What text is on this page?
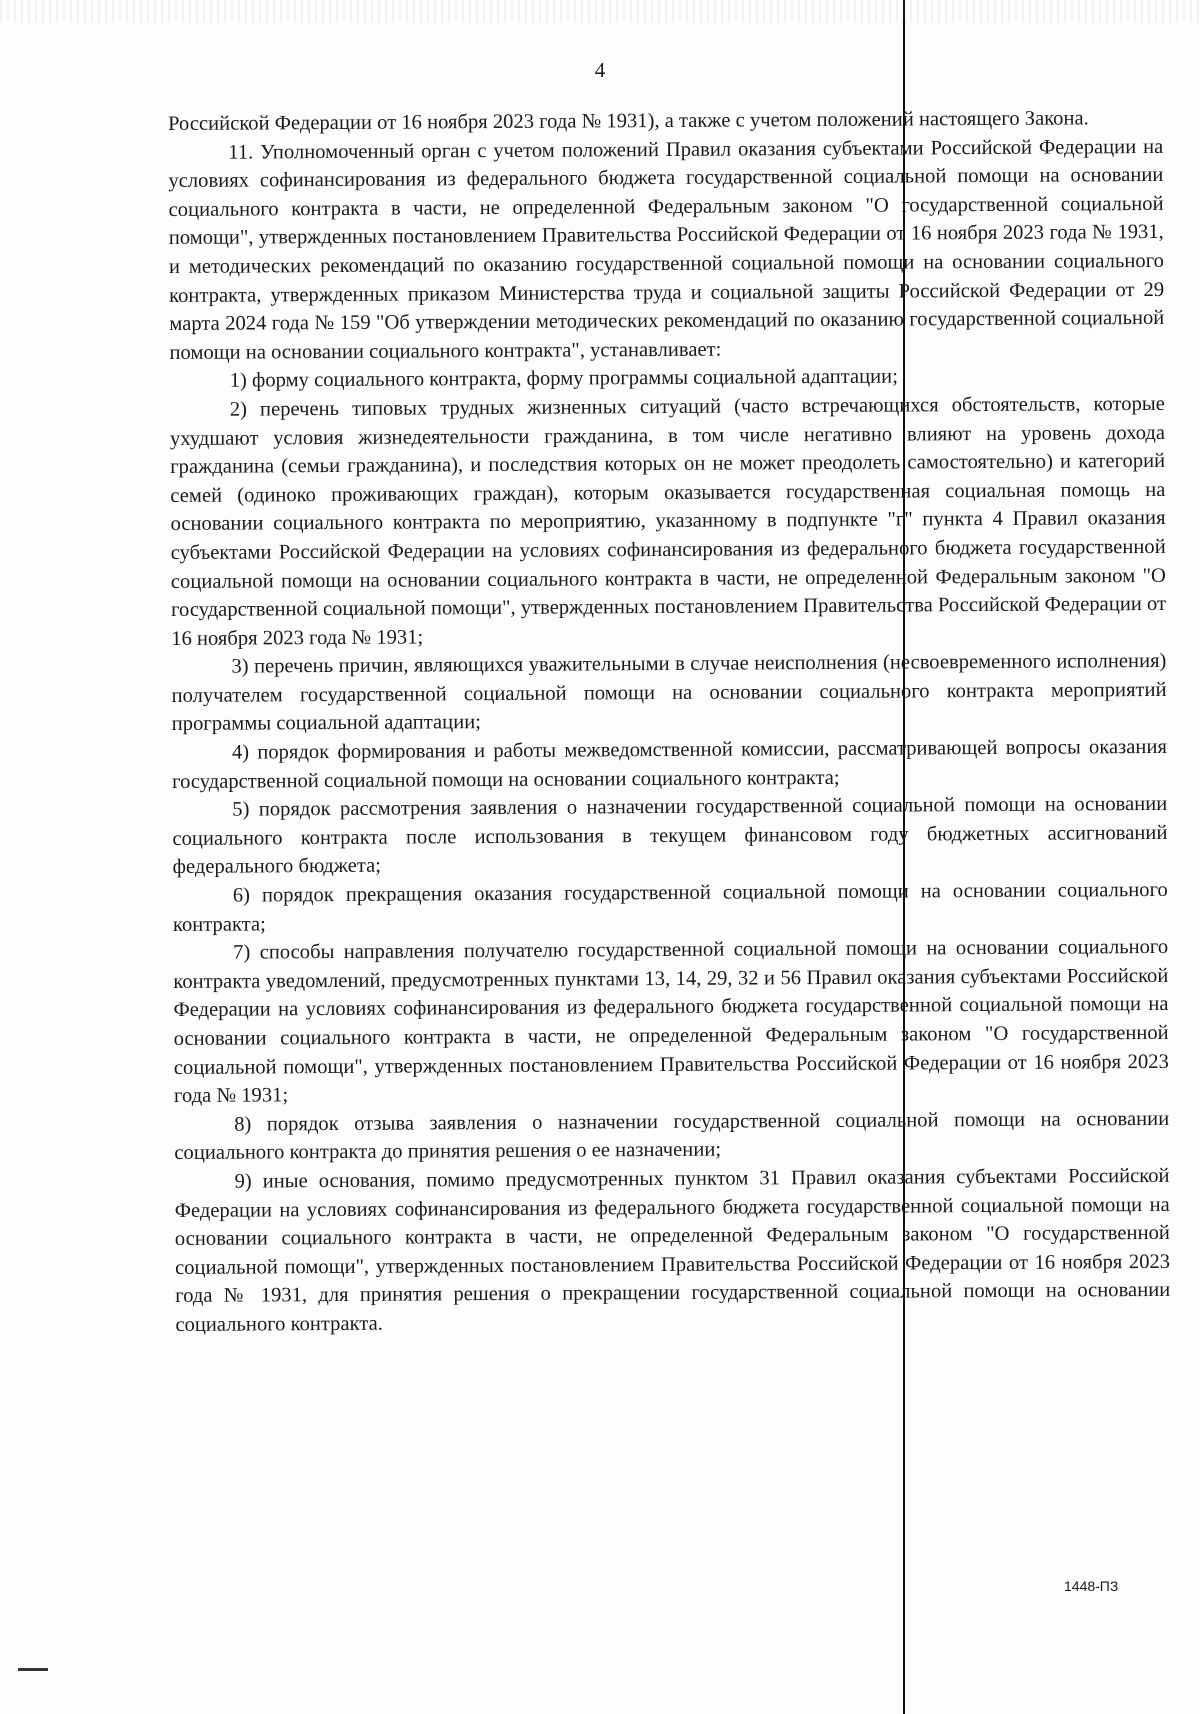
4

Российской Федерации от 16 ноября 2023 года № 1931), а также с учетом положений настоящего Закона.

11. Уполномоченный орган с учетом положений Правил оказания субъектами Российской Федерации на условиях софинансирования из федерального бюджета государственной социальной помощи на основании социального контракта в части, не определенной Федеральным законом "О государственной социальной помощи", утвержденных постановлением Правительства Российской Федерации от 16 ноября 2023 года № 1931, и методических рекомендаций по оказанию государственной социальной помощи на основании социального контракта, утвержденных приказом Министерства труда и социальной защиты Российской Федерации от 29 марта 2024 года № 159 "Об утверждении методических рекомендаций по оказанию государственной социальной помощи на основании социального контракта", устанавливает:

1) форму социального контракта, форму программы социальной адаптации;

2) перечень типовых трудных жизненных ситуаций (часто встречающихся обстоятельств, которые ухудшают условия жизнедеятельности гражданина, в том числе негативно влияют на уровень дохода гражданина (семьи гражданина), и последствия которых он не может преодолеть самостоятельно) и категорий семей (одиноко проживающих граждан), которым оказывается государственная социальная помощь на основании социального контракта по мероприятию, указанному в подпункте "г" пункта 4 Правил оказания субъектами Российской Федерации на условиях софинансирования из федерального бюджета государственной социальной помощи на основании социального контракта в части, не определенной Федеральным законом "О государственной социальной помощи", утвержденных постановлением Правительства Российской Федерации от 16 ноября 2023 года № 1931;

3) перечень причин, являющихся уважительными в случае неисполнения (несвоевременного исполнения) получателем государственной социальной помощи на основании социального контракта мероприятий программы социальной адаптации;

4) порядок формирования и работы межведомственной комиссии, рассматривающей вопросы оказания государственной социальной помощи на основании социального контракта;

5) порядок рассмотрения заявления о назначении государственной социальной помощи на основании социального контракта после использования в текущем финансовом году бюджетных ассигнований федерального бюджета;

6) порядок прекращения оказания государственной социальной помощи на основании социального контракта;

7) способы направления получателю государственной социальной помощи на основании социального контракта уведомлений, предусмотренных пунктами 13, 14, 29, 32 и 56 Правил оказания субъектами Российской Федерации на условиях софинансирования из федерального бюджета государственной социальной помощи на основании социального контракта в части, не определенной Федеральным законом "О государственной социальной помощи", утвержденных постановлением Правительства Российской Федерации от 16 ноября 2023 года № 1931;

8) порядок отзыва заявления о назначении государственной социальной помощи на основании социального контракта до принятия решения о ее назначении;

9) иные основания, помимо предусмотренных пунктом 31 Правил оказания субъектами Российской Федерации на условиях софинансирования из федерального бюджета государственной социальной помощи на основании социального контракта в части, не определенной Федеральным законом "О государственной социальной помощи", утвержденных постановлением Правительства Российской Федерации от 16 ноября 2023 года № 1931, для принятия решения о прекращении государственной социальной помощи на основании социального контракта.

1448-ПЗ
